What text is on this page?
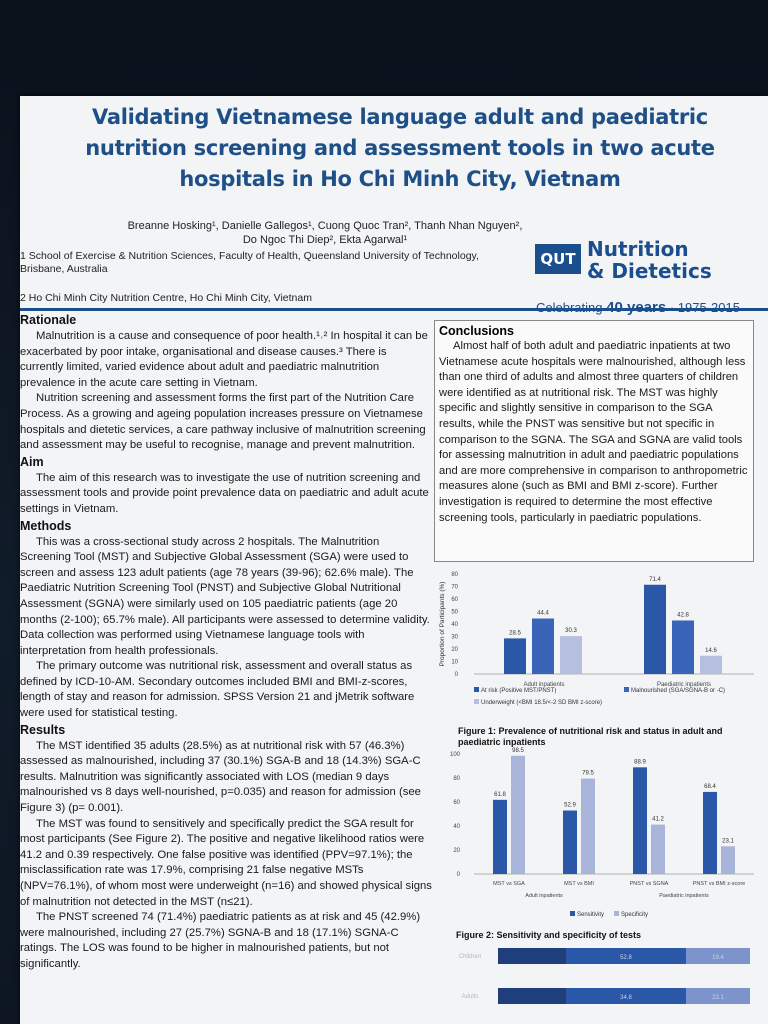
Validating Vietnamese language adult and paediatric nutrition screening and assessment tools in two acute hospitals in Ho Chi Minh City, Vietnam
Breanne Hosking¹, Danielle Gallegos¹, Cuong Quoc Tran², Thanh Nhan Nguyen²,
Do Ngoc Thi Diep², Ekta Agarwal¹
1 School of Exercise & Nutrition Sciences, Faculty of Health, Queensland University of Technology, Brisbane, Australia
2 Ho Chi Minh City Nutrition Centre, Ho Chi Minh City, Vietnam
QUT Nutrition
& Dietetics
Rationale

Malnutrition is a cause and consequence of poor health.¹˒² In hospital it can be exacerbated by poor intake, organisational and disease causes.³ There is currently limited, varied evidence about adult and paediatric malnutrition prevalence in the acute care setting in Vietnam.

Nutrition screening and assessment forms the first part of the Nutrition Care Process. As a growing and ageing population increases pressure on Vietnamese hospitals and dietetic services, a care pathway inclusive of malnutrition screening and assessment may be useful to recognise, manage and prevent malnutrition.

Aim

The aim of this research was to investigate the use of nutrition screening and assessment tools and provide point prevalence data on paediatric and adult acute settings in Vietnam.

Methods

This was a cross-sectional study across 2 hospitals. The Malnutrition Screening Tool (MST) and Subjective Global Assessment (SGA) were used to screen and assess 123 adult patients (age 78 years (39-96); 62.6% male). The Paediatric Nutrition Screening Tool (PNST) and Subjective Global Nutritional Assessment (SGNA) were similarly used on 105 paediatric patients (age 20 months (2-100); 65.7% male). All participants were assessed to determine validity. Data collection was performed using Vietnamese language tools with interpretation from health professionals.

The primary outcome was nutritional risk, assessment and overall status as defined by ICD-10-AM. Secondary outcomes included BMI and BMI-z-scores, length of stay and reason for admission. SPSS Version 21 and jMetrik software were used for statistical testing.

Results

The MST identified 35 adults (28.5%) as at nutritional risk with 57 (46.3%) assessed as malnourished, including 37 (30.1%) SGA-B and 18 (14.3%) SGA-C results. Malnutrition was significantly associated with LOS (median 9 days malnourished vs 8 days well-nourished, p=0.035) and reason for admission (see Figure 3) (p= 0.001).

The MST was found to sensitively and specifically predict the SGA result for most participants (See Figure 2). The positive and negative likelihood ratios were 41.2 and 0.39 respectively. One false positive was identified (PPV=97.1%); the misclassification rate was 17.9%, comprising 21 false negative MSTs (NPV=76.1%), of whom most were underweight (n=16) and showed physical signs of malnutrition not detected in the MST (n≤21).

The PNST screened 74 (71.4%) paediatric patients as at risk and 45 (42.9%) were malnourished, including 27 (25.7%) SGNA-B and 18 (17.1%) SGNA-C ratings. The LOS was found to be higher in malnourished patients, but not significantly.

Conclusions

Almost half of both adult and paediatric inpatients at two Vietnamese acute hospitals were malnourished, although less than one third of adults and almost three quarters of children were identified as at nutritional risk. The MST was highly specific and slightly sensitive in comparison to the SGA results, while the PNST was sensitive but not specific in comparison to the SGNA. The SGA and SGNA are valid tools for assessing malnutrition in adult and paediatric populations and are more comprehensive in comparison to anthropometric measures alone (such as BMI and BMI z-score). Further investigation is required to determine the most effective screening tools, particularly in paediatric populations.

0
10
20
30
40
50
60
70
80
Proportion of Participants (%)	28.5
44.4
30.3
Adult inpatients
71.4
42.8
14.6
Paediatric inpatients
At risk (Positive MST/PNST)	Malnourished (SGA/SGNA-B or -C)
Underweight (<BMI 18.5/<-2 SD BMI z-score)
Figure 1: Prevalence of nutritional risk and status in adult and paediatric inpatients
0
20
40
60
80
100
61.8
98.5
MST vs SGA
52.9
79.5
MST vs BMI
88.9
41.2
PNST vs SGNA
68.4
23.1
PNST vs BMI z-score
Adult inpatients	Paediatric inpatients
Sensitivity	Specificity
Figure 2: Sensitivity and specificity of tests
Children	52.8	19.4
Adults	34.8	23.1
